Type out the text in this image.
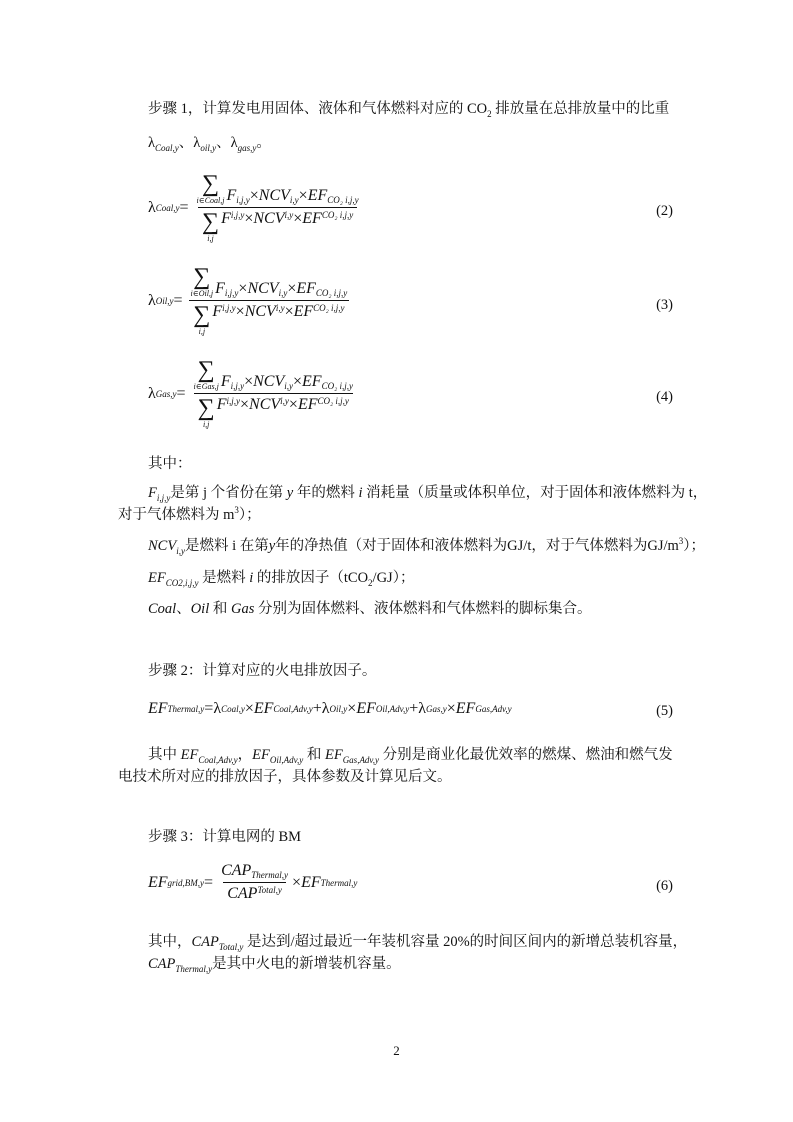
步骤 1，计算发电用固体、液体和气体燃料对应的 $CO_2$ 排放量在总排放量中的比重
$\lambda_{Coal,y}$、$\lambda_{oil,y}$、$\lambda_{gas,y}$。
λ Coal,y = ∑
i∈Coal,j $F_{i,j,y} \times NCV_{i,y} \times EF_{CO_2 i,j,y}$
∑
i,j
$F^{i,j,y} \times NCV^{i,y} \times EF^{CO_2 i,j,y}$	(2)
λ Oil,y = ∑
i∈Oil,j $F_{i,j,y} \times NCV_{i,y} \times EF_{CO_2 i,j,y}$
∑
i,j
$F^{i,j,y} \times NCV^{i,y} \times EF^{CO_2 i,j,y}$	(3)
λ Gas,y = ∑
i∈Gas,j $F_{i,j,y} \times NCV_{i,y} \times EF_{CO_2 i,j,y}$
∑
i,j
$F^{i,j,y} \times NCV^{i,y} \times EF^{CO_2 i,j,y}$	(4)
其中：
$F_{i,j,y}$是第 j 个省份在第 y 年的燃料 i 消耗量（质量或体积单位，对于固体和液体燃料为 t，
对于气体燃料为 $m^3$）；
$NCV_{i,y}$是燃料 i 在第y年的净热值（对于固体和液体燃料为GJ/t，对于气体燃料为$GJ/m^3$）；
$EF_{CO2,i,j,y}$ 是燃料 i 的排放因子（tCO$_2$/GJ）；
Coal、Oil 和 Gas 分别为固体燃料、液体燃料和气体燃料的脚标集合。
步骤 2：计算对应的火电排放因子。
EF Thermal,y = λ Coal,y × EF Coal,Adv,y + λ Oil,y × EF Oil,Adv,y + λ Gas,y × EF Gas,Adv,y	(5)
其中 $EF_{Coal,Adv,y}$，$EF_{Oil,Adv,y}$ 和 $EF_{Gas,Adv,y}$ 分别是商业化最优效率的燃煤、燃油和燃气发
电技术所对应的排放因子，具体参数及计算见后文。
步骤 3：计算电网的 BM
EF grid,BM,y = $\frac{CAP_{Thermal,y}}{CAP^{Total,y}}$ × EF Thermal,y	(6)
其中，$CAP_{Total,y}$ 是达到/超过最近一年装机容量 20%的时间区间内的新增总装机容量，
$CAP_{Thermal,y}$是其中火电的新增装机容量。
2
